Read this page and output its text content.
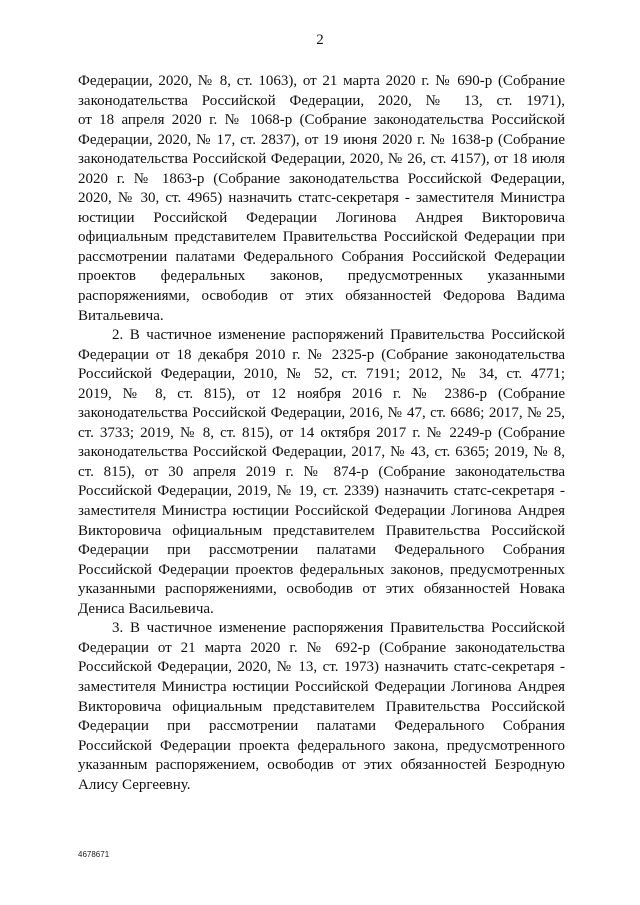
2
Федерации, 2020, № 8, ст. 1063), от 21 марта 2020 г. № 690-р (Собрание
законодательства Российской Федерации, 2020, № 13, ст. 1971),
от 18 апреля 2020 г. № 1068-р (Собрание законодательства Российской
Федерации, 2020, № 17, ст. 2837), от 19 июня 2020 г. № 1638-р (Собрание
законодательства Российской Федерации, 2020, № 26, ст. 4157), от 18 июля
2020 г. № 1863-р (Собрание законодательства Российской Федерации,
2020, № 30, ст. 4965) назначить статс-секретаря - заместителя Министра
юстиции Российской Федерации Логинова Андрея Викторовича
официальным представителем Правительства Российской Федерации при
рассмотрении палатами Федерального Собрания Российской Федерации
проектов федеральных законов, предусмотренных указанными
распоряжениями, освободив от этих обязанностей Федорова Вадима
Витальевича.
2. В частичное изменение распоряжений Правительства Российской
Федерации от 18 декабря 2010 г. № 2325-р (Собрание законодательства
Российской Федерации, 2010, № 52, ст. 7191; 2012, № 34, ст. 4771;
2019, № 8, ст. 815), от 12 ноября 2016 г. № 2386-р (Собрание
законодательства Российской Федерации, 2016, № 47, ст. 6686; 2017, № 25,
ст. 3733; 2019, № 8, ст. 815), от 14 октября 2017 г. № 2249-р (Собрание
законодательства Российской Федерации, 2017, № 43, ст. 6365; 2019, № 8,
ст. 815), от 30 апреля 2019 г. № 874-р (Собрание законодательства
Российской Федерации, 2019, № 19, ст. 2339) назначить статс-секретаря -
заместителя Министра юстиции Российской Федерации Логинова Андрея
Викторовича официальным представителем Правительства Российской
Федерации при рассмотрении палатами Федерального Собрания
Российской Федерации проектов федеральных законов, предусмотренных
указанными распоряжениями, освободив от этих обязанностей Новака
Дениса Васильевича.
3. В частичное изменение распоряжения Правительства Российской
Федерации от 21 марта 2020 г. № 692-р (Собрание законодательства
Российской Федерации, 2020, № 13, ст. 1973) назначить статс-секретаря -
заместителя Министра юстиции Российской Федерации Логинова Андрея
Викторовича официальным представителем Правительства Российской
Федерации при рассмотрении палатами Федерального Собрания
Российской Федерации проекта федерального закона, предусмотренного
указанным распоряжением, освободив от этих обязанностей Безродную
Алису Сергеевну.
4678671
